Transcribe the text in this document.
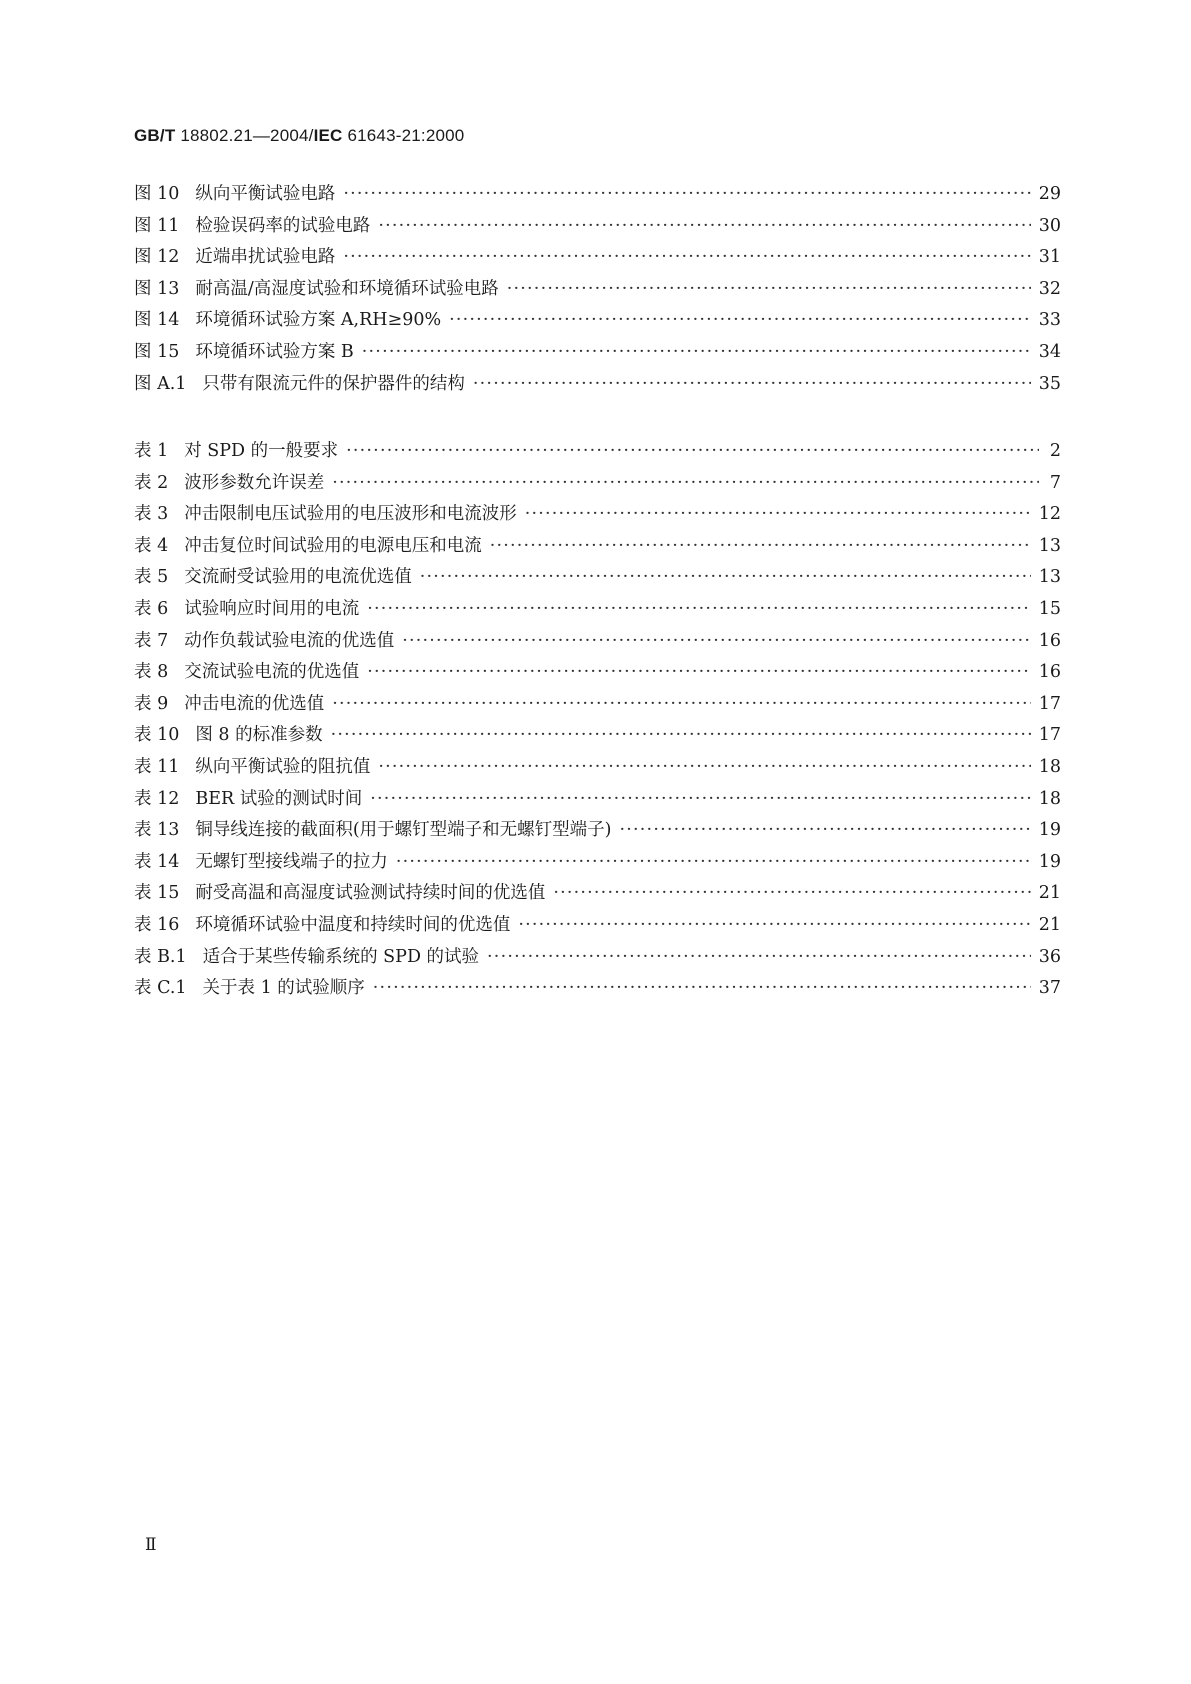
GB/T 18802.21—2004/IEC 61643-21:2000
图 10 纵向平衡试验电路 ·····	29
图 11 检验误码率的试验电路 ·····	30
图 12 近端串扰试验电路 ·····	31
图 13 耐高温/高湿度试验和环境循环试验电路 ·····	32
图 14 环境循环试验方案 A,RH≥90% ·····	33
图 15 环境循环试验方案 B ·····	34
图 A.1 只带有限流元件的保护器件的结构 ·····	35
表 1 对 SPD 的一般要求 ·····	2
表 2 波形参数允许误差 ·····	7
表 3 冲击限制电压试验用的电压波形和电流波形 ·····	12
表 4 冲击复位时间试验用的电源电压和电流 ·····	13
表 5 交流耐受试验用的电流优选值 ·····	13
表 6 试验响应时间用的电流 ·····	15
表 7 动作负载试验电流的优选值 ·····	16
表 8 交流试验电流的优选值 ·····	16
表 9 冲击电流的优选值 ·····	17
表 10 图 8 的标准参数 ·····	17
表 11 纵向平衡试验的阻抗值 ·····	18
表 12 BER 试验的测试时间 ·····	18
表 13 铜导线连接的截面积(用于螺钉型端子和无螺钉型端子) ·····	19
表 14 无螺钉型接线端子的拉力 ·····	19
表 15 耐受高温和高湿度试验测试持续时间的优选值 ·····	21
表 16 环境循环试验中温度和持续时间的优选值 ·····	21
表 B.1 适合于某些传输系统的 SPD 的试验 ·····	36
表 C.1 关于表 1 的试验顺序 ·····	37
Ⅱ
